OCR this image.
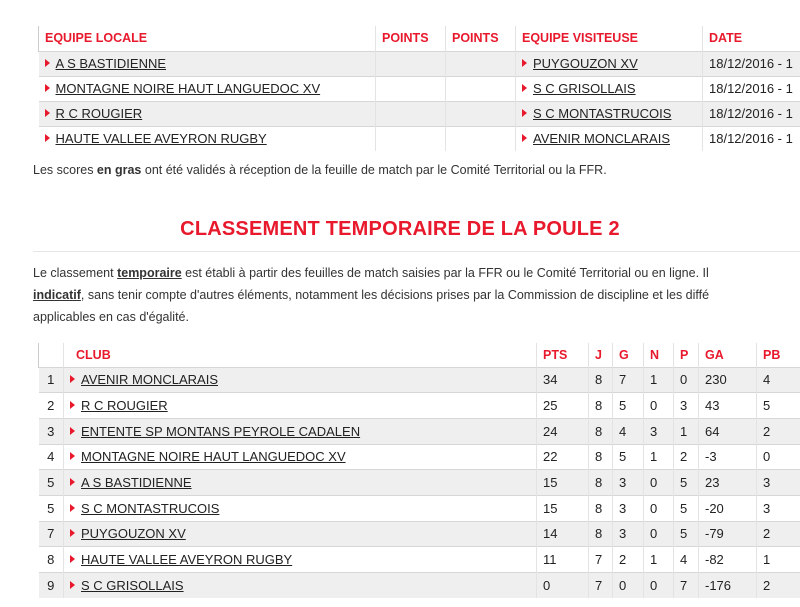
EQUIPE LOCALE	POINTS	POINTS	EQUIPE VISITEUSE	DATE
A S BASTIDIENNE			PUYGOUZON XV	18/12/2016 - 1
MONTAGNE NOIRE HAUT LANGUEDOC XV			S C GRISOLLAIS	18/12/2016 - 1
R C ROUGIER			S C MONTASTRUCOIS	18/12/2016 - 1
HAUTE VALLEE AVEYRON RUGBY			AVENIR MONCLARAIS	18/12/2016 - 1
Les scores en gras ont été validés à réception de la feuille de match par le Comité Territorial ou la FFR.
CLASSEMENT TEMPORAIRE DE LA POULE 2
Le classement temporaire est établi à partir des feuilles de match saisies par la FFR ou le Comité Territorial ou en ligne. Il
indicatif, sans tenir compte d'autres éléments, notamment les décisions prises par la Commission de discipline et les diffé
applicables en cas d'égalité.
	CLUB	PTS	J	G	N	P	GA	PB
1	AVENIR MONCLARAIS	34	8	7	1	0	230	4
2	R C ROUGIER	25	8	5	0	3	43	5
3	ENTENTE SP MONTANS PEYROLE CADALEN	24	8	4	3	1	64	2
4	MONTAGNE NOIRE HAUT LANGUEDOC XV	22	8	5	1	2	-3	0
5	A S BASTIDIENNE	15	8	3	0	5	23	3
5	S C MONTASTRUCOIS	15	8	3	0	5	-20	3
7	PUYGOUZON XV	14	8	3	0	5	-79	2
8	HAUTE VALLEE AVEYRON RUGBY	11	7	2	1	4	-82	1
9	S C GRISOLLAIS	0	7	0	0	7	-176	2
